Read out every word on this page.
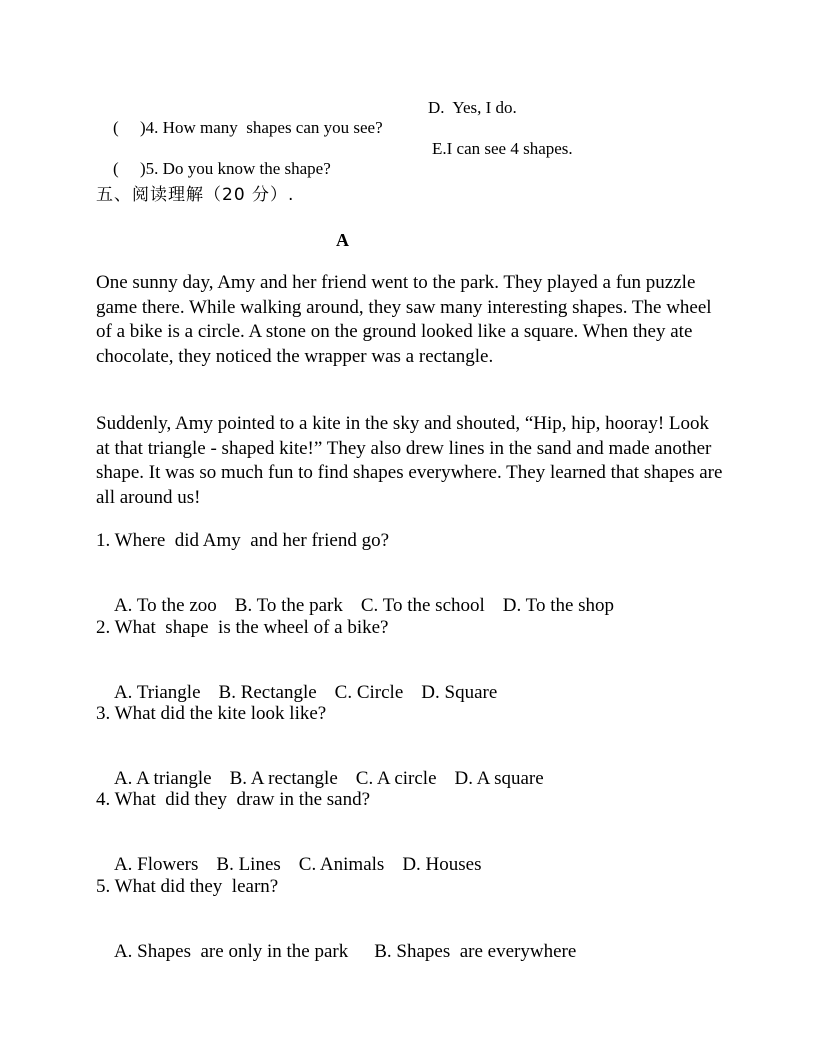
( )4. How many  shapes can you see?

D.  Yes, I do.

( )5. Do you know the shape?

E.I can see 4 shapes.

五、阅读理解（20 分）.
A
One sunny day, Amy and her friend went to the park. They played a fun puzzle game there. While walking around, they saw many interesting shapes. The wheel of a bike is a circle. A stone on the ground looked like a square. When they ate chocolate, they noticed the wrapper was a rectangle.
Suddenly, Amy pointed to a kite in the sky and shouted, “Hip, hip, hooray! Look at that triangle - shaped kite!” They also drew lines in the sand and made another shape. It was so much fun to find shapes everywhere. They learned that shapes are all around us!
1. Where  did Amy  and her friend go?

A. To the zoo B. To the park C. To the school D. To the shop

2. What  shape  is the wheel of a bike?

A. Triangle B. Rectangle C. Circle D. Square

3. What did the kite look like?

A. A triangle B. A rectangle C. A circle D. A square

4. What  did they  draw in the sand?

A. Flowers B. Lines C. Animals D. Houses

5. What did they  learn?

A. Shapes  are only in the park B. Shapes  are everywhere
